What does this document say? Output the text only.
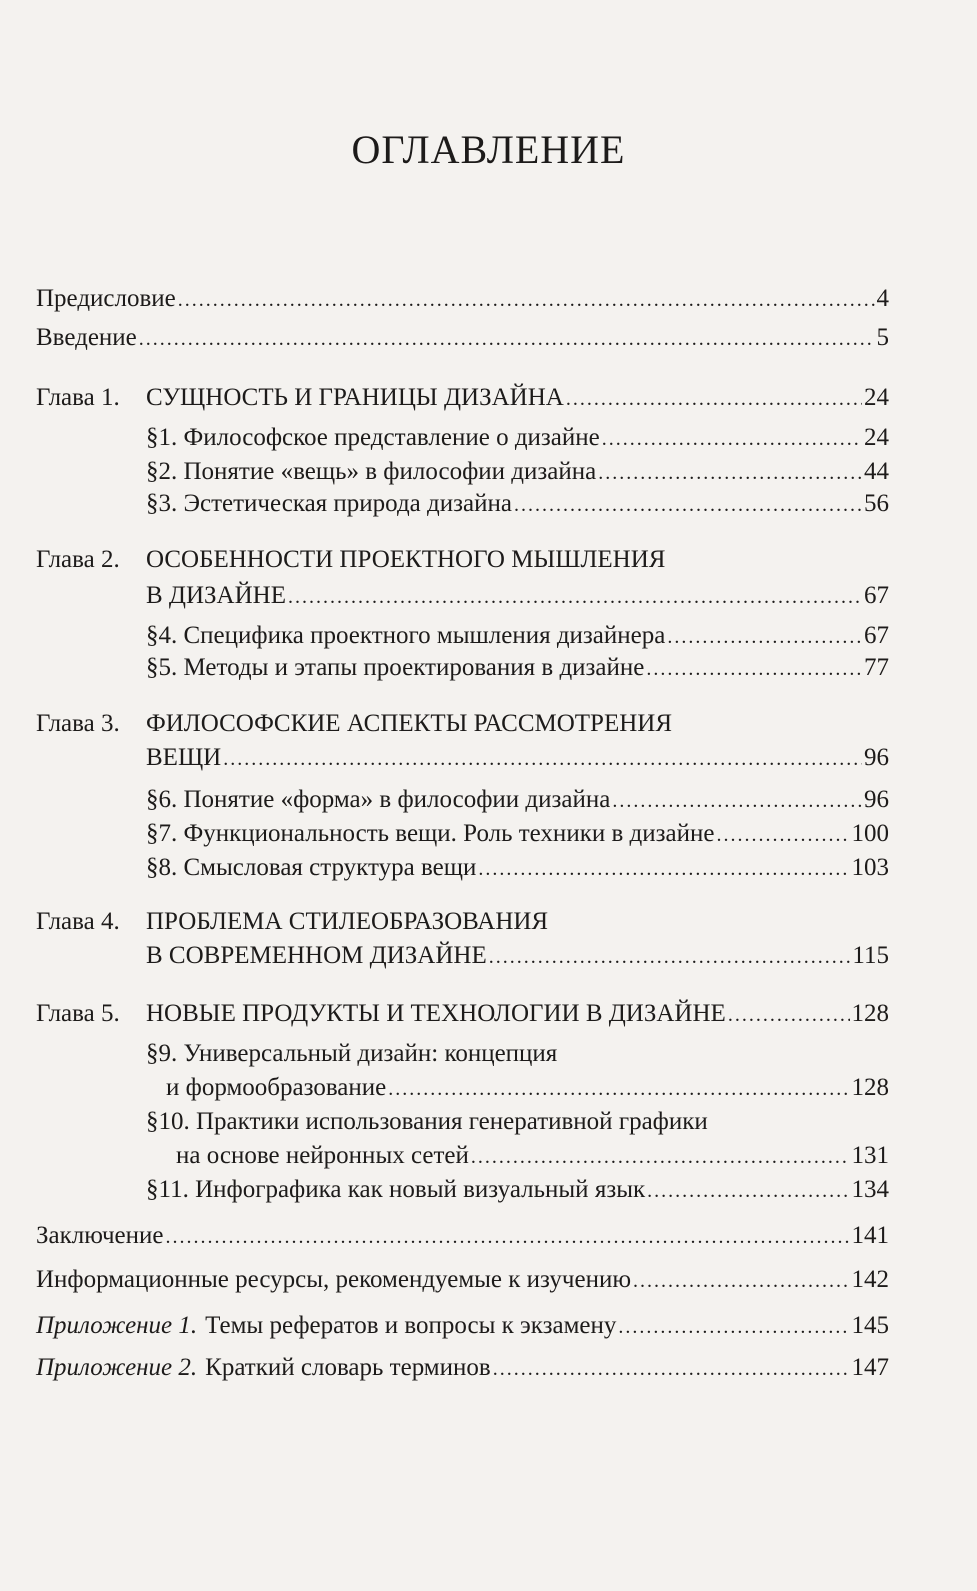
ОГЛАВЛЕНИЕ
Предисловие . . .	4
Введение . . .	5
Глава 1.	СУЩНОСТЬ И ГРАНИЦЫ ДИЗАЙНА . . .	24
§1. Философское представление о дизайне . . .	24
§2. Понятие «вещь» в философии дизайна . . .	44
§3. Эстетическая природа дизайна . . .	56
Глава 2. ОСОБЕННОСТИ ПРОЕКТНОГО МЫШЛЕНИЯ
В ДИЗАЙНЕ . . .	67
§4. Специфика проектного мышления дизайнера . . .	67
§5. Методы и этапы проектирования в дизайне . . .	77
Глава 3. ФИЛОСОФСКИЕ АСПЕКТЫ РАССМОТРЕНИЯ
ВЕЩИ . . .	96
§6. Понятие «форма» в философии дизайна . . .	96
§7. Функциональность вещи. Роль техники в дизайне . . .	100
§8. Смысловая структура вещи . . .	103
Глава 4. ПРОБЛЕМА СТИЛЕОБРАЗОВАНИЯ
В СОВРЕМЕННОМ ДИЗАЙНЕ . . .	115
Глава 5.	НОВЫЕ ПРОДУКТЫ И ТЕХНОЛОГИИ В ДИЗАЙНЕ . . .	128
§9. Универсальный дизайн: концепция
и формообразование . . .	128
§10. Практики использования генеративной графики
на основе нейронных сетей . . .	131
§11. Инфографика как новый визуальный язык . . .	134
Заключение . . .	141
Информационные ресурсы, рекомендуемые к изучению . . .	142
Приложение 1. Темы рефератов и вопросы к экзамену . . .	145
Приложение 2. Краткий словарь терминов . . .	147
